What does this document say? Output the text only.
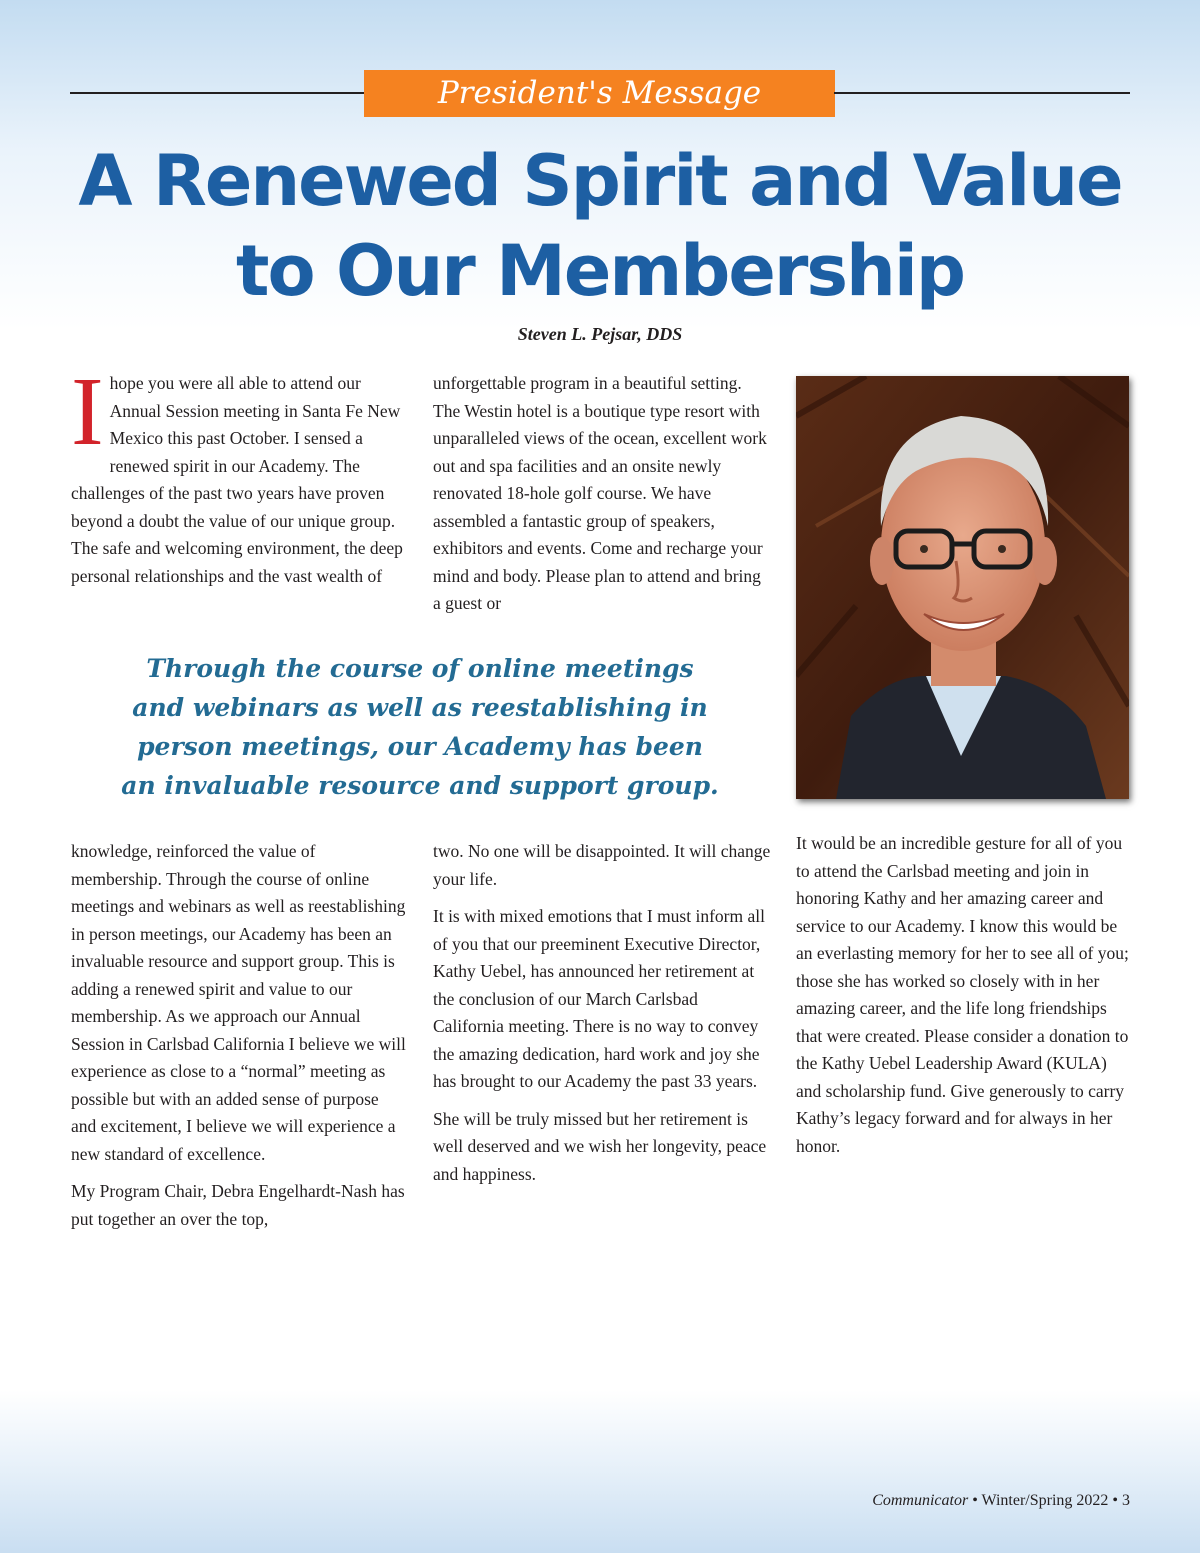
President's Message
A Renewed Spirit and Value to Our Membership
Steven L. Pejsar, DDS

Ihope you were all able to attend our Annual Session meeting in Santa Fe New Mexico this past October. I sensed a renewed spirit in our Academy. The challenges of the past two years have proven beyond a doubt the value of our unique group. The safe and welcoming environment, the deep personal relationships and the vast wealth of

unforgettable program in a beautiful setting. The Westin hotel is a boutique type resort with unparalleled views of the ocean, excellent work out and spa facilities and an onsite newly renovated 18-hole golf course. We have assembled a fantastic group of speakers, exhibitors and events. Come and recharge your mind and body. Please plan to attend and bring a guest or

Through the course of online meetings and webinars as well as reestablishing in person meetings, our Academy has been an invaluable resource and support group.

knowledge, reinforced the value of membership. Through the course of online meetings and webinars as well as reestablishing in person meetings, our Academy has been an invaluable resource and support group. This is adding a renewed spirit and value to our membership. As we approach our Annual Session in Carlsbad California I believe we will experience as close to a “normal” meeting as possible but with an added sense of purpose and excitement, I believe we will experience a new standard of excellence.

My Program Chair, Debra Engelhardt-Nash has put together an over the top,

two. No one will be disappointed. It will change your life.

It is with mixed emotions that I must inform all of you that our preeminent Executive Director, Kathy Uebel, has announced her retirement at the conclusion of our March Carlsbad California meeting. There is no way to convey the amazing dedication, hard work and joy she has brought to our Academy the past 33 years.

She will be truly missed but her retirement is well deserved and we wish her longevity, peace and happiness.

It would be an incredible gesture for all of you to attend the Carlsbad meeting and join in honoring Kathy and her amazing career and service to our Academy. I know this would be an everlasting memory for her to see all of you; those she has worked so closely with in her amazing career, and the life long friendships that were created. Please consider a donation to the Kathy Uebel Leadership Award (KULA) and scholarship fund. Give generously to carry Kathy’s legacy forward and for always in her honor.

Communicator • Winter/Spring 2022 • 3
